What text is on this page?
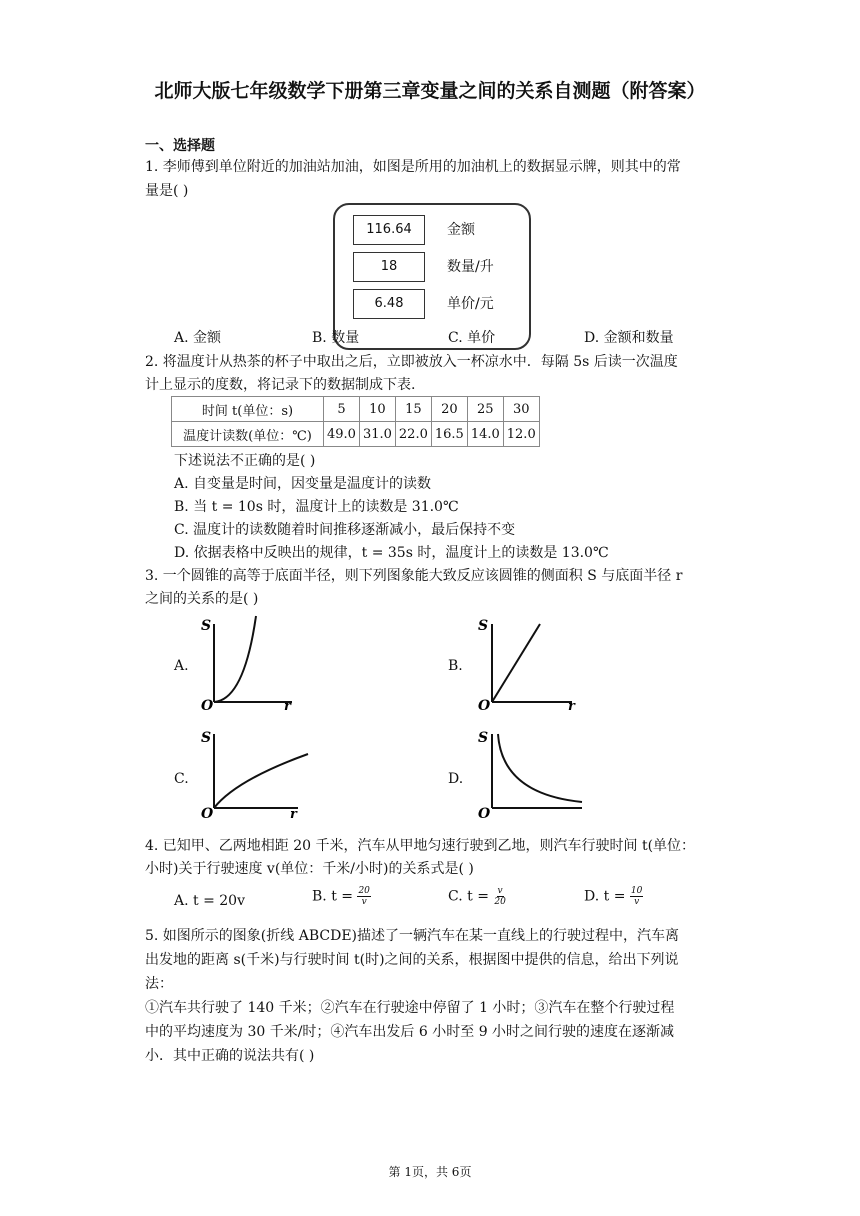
北师大版七年级数学下册第三章变量之间的关系自测题（附答案）
一、选择题
1. 李师傅到单位附近的加油站加油，如图是所用的加油机上的数据显示牌，则其中的常
量是( )
116.64	金额
18	数量/升
6.48	单价/元
A. 金额	B. 数量	C. 单价	D. 金额和数量
2. 将温度计从热茶的杯子中取出之后，立即被放入一杯凉水中．每隔 5s 后读一次温度
计上显示的度数，将记录下的数据制成下表.
时间 t(单位：s)	5	10	15	20	25	30
温度计读数(单位：℃)	49.0	31.0	22.0	16.5	14.0	12.0
下述说法不正确的是( )
A. 自变量是时间，因变量是温度计的读数
B. 当 t = 10s 时，温度计上的读数是 31.0℃
C. 温度计的读数随着时间推移逐渐减小，最后保持不变
D. 依据表格中反映出的规律，t = 35s 时，温度计上的读数是 13.0℃
3. 一个圆锥的高等于底面半径，则下列图象能大致反应该圆锥的侧面积 S 与底面半径 r
之间的关系的是( )
A.	B.
C.	D.
S
r
O
S
r
O
S
r
O
S
O
4. 已知甲、乙两地相距 20 千米，汽车从甲地匀速行驶到乙地，则汽车行驶时间 t(单位：
小时)关于行驶速度 v(单位：千米/小时)的关系式是( )
A. t = 20v	B. $t = \frac{20}{v}$	C. $t = \frac{v}{20}$	D. $t = \frac{10}{v}$
5. 如图所示的图象(折线 ABCDE)描述了一辆汽车在某一直线上的行驶过程中，汽车离
出发地的距离 s(千米)与行驶时间 t(时)之间的关系，根据图中提供的信息，给出下列说
法：
①汽车共行驶了 140 千米；②汽车在行驶途中停留了 1 小时；③汽车在整个行驶过程
中的平均速度为 30 千米/时；④汽车出发后 6 小时至 9 小时之间行驶的速度在逐渐减
小．其中正确的说法共有( )
第 1页，共 6页
